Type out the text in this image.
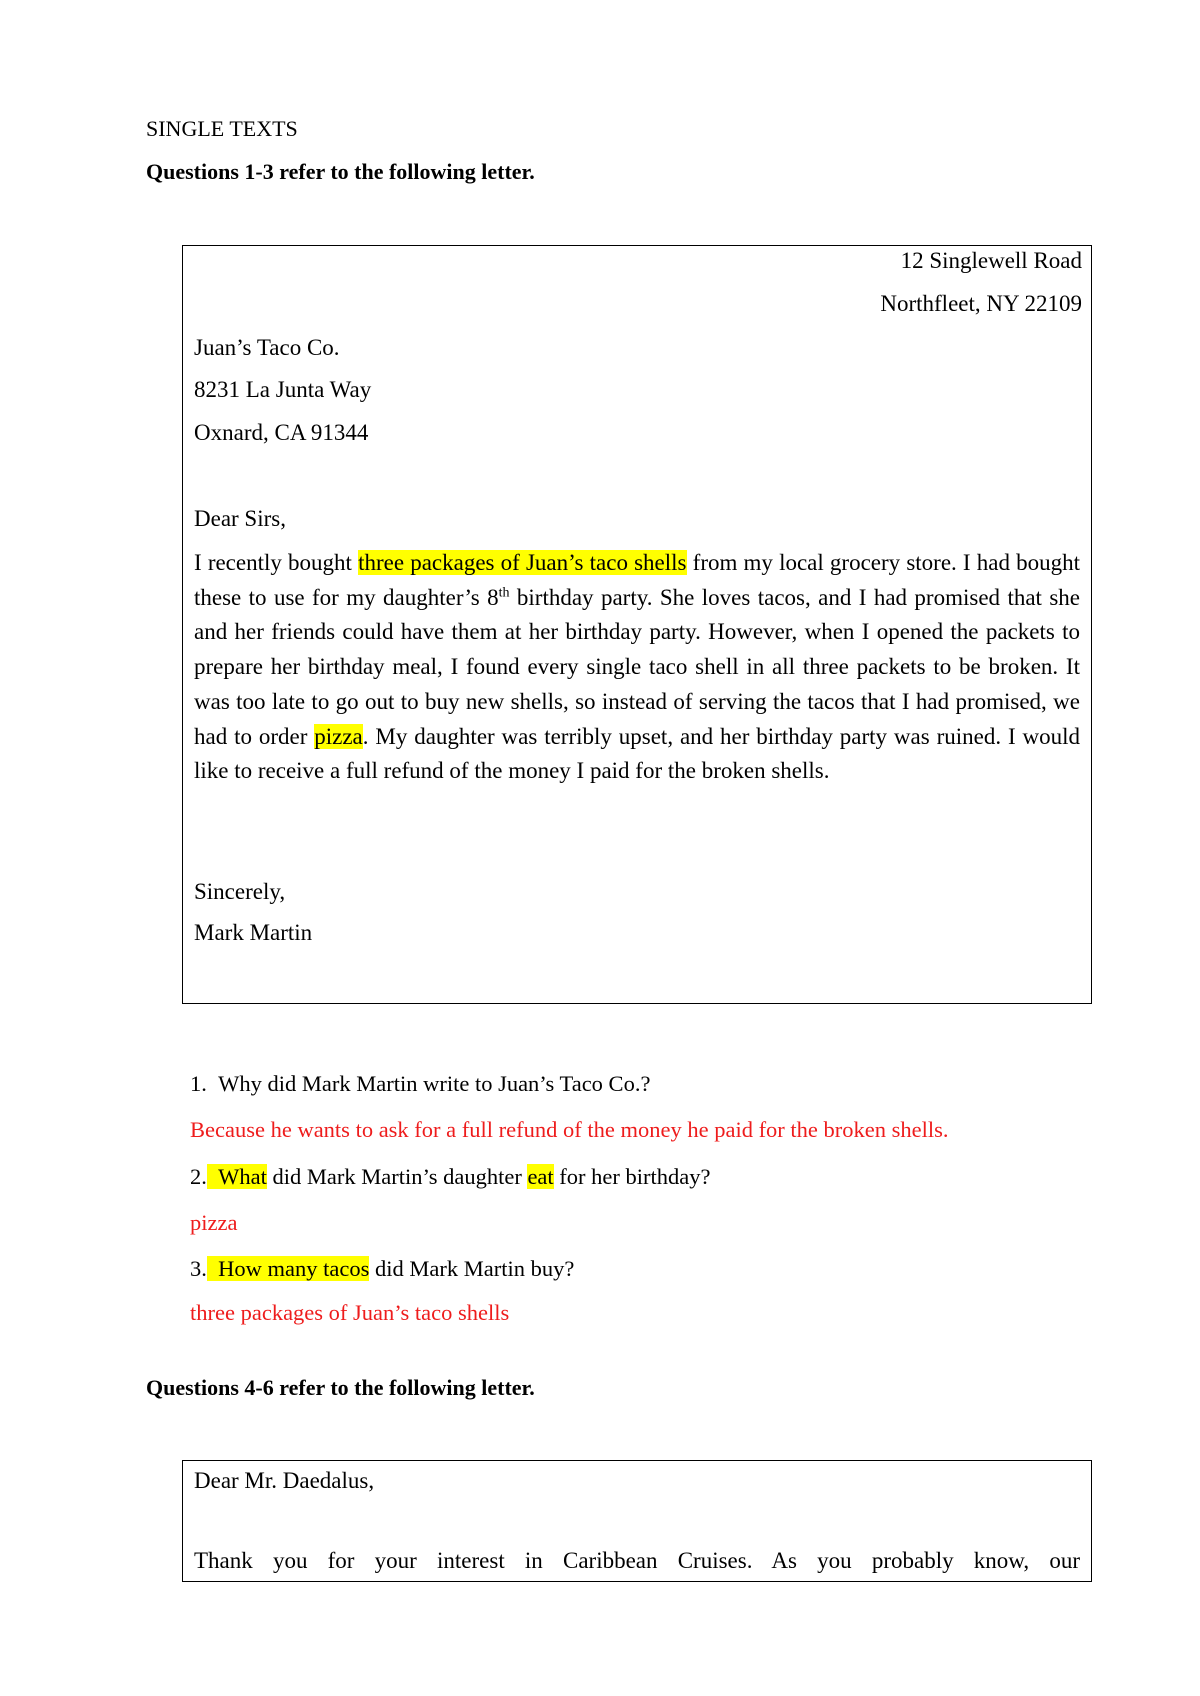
SINGLE TEXTS
Questions 1-3 refer to the following letter.
12 Singlewell Road
Northfleet, NY 22109
Juan’s Taco Co.
8231 La Junta Way
Oxnard, CA 91344
Dear Sirs,
I recently bought three packages of Juan’s taco shells from my local grocery store. I had bought these to use for my daughter’s 8th birthday party. She loves tacos, and I had promised that she and her friends could have them at her birthday party. However, when I opened the packets to prepare her birthday meal, I found every single taco shell in all three packets to be broken. It was too late to go out to buy new shells, so instead of serving the tacos that I had promised, we had to order pizza. My daughter was terribly upset, and her birthday party was ruined. I would like to receive a full refund of the money I paid for the broken shells.
Sincerely,
Mark Martin
1. Why did Mark Martin write to Juan’s Taco Co.?
Because he wants to ask for a full refund of the money he paid for the broken shells.
2. What did Mark Martin’s daughter eat for her birthday?
pizza
3. How many tacos did Mark Martin buy?
three packages of Juan’s taco shells
Questions 4-6 refer to the following letter.
Dear Mr. Daedalus,
Thank you for your interest in Caribbean Cruises. As you probably know, our
